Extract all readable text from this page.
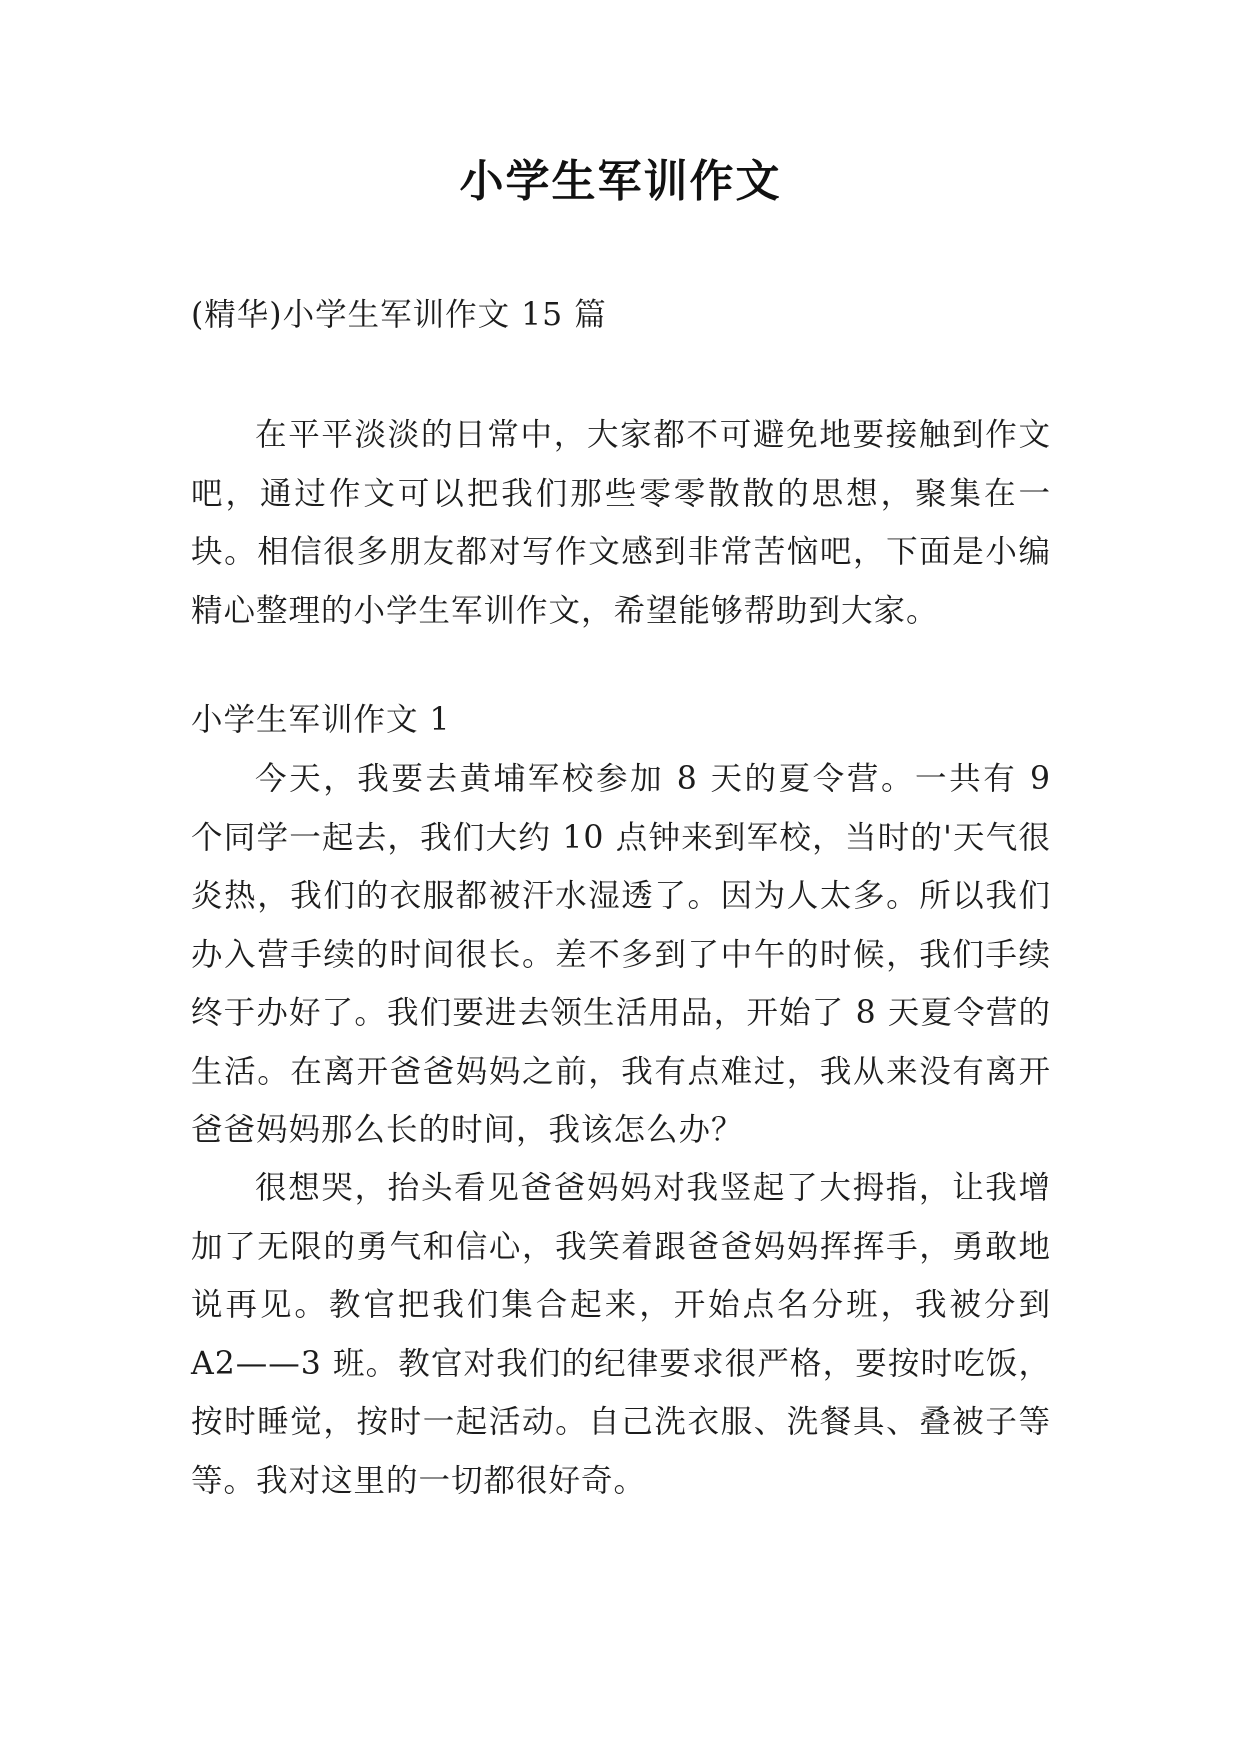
小学生军训作文

(精华)小学生军训作文 15 篇

在平平淡淡的日常中，大家都不可避免地要接触到作文吧，通过作文可以把我们那些零零散散的思想，聚集在一块。相信很多朋友都对写作文感到非常苦恼吧，下面是小编精心整理的小学生军训作文，希望能够帮助到大家。

小学生军训作文 1

今天，我要去黄埔军校参加 8 天的夏令营。一共有 9 个同学一起去，我们大约 10 点钟来到军校，当时的'天气很炎热，我们的衣服都被汗水湿透了。因为人太多。所以我们办入营手续的时间很长。差不多到了中午的时候，我们手续终于办好了。我们要进去领生活用品，开始了 8 天夏令营的生活。在离开爸爸妈妈之前，我有点难过，我从来没有离开爸爸妈妈那么长的时间，我该怎么办？

很想哭，抬头看见爸爸妈妈对我竖起了大拇指，让我增加了无限的勇气和信心，我笑着跟爸爸妈妈挥挥手，勇敢地说再见。教官把我们集合起来，开始点名分班，我被分到 A2——3 班。教官对我们的纪律要求很严格，要按时吃饭，按时睡觉，按时一起活动。自己洗衣服、洗餐具、叠被子等等。我对这里的一切都很好奇。
